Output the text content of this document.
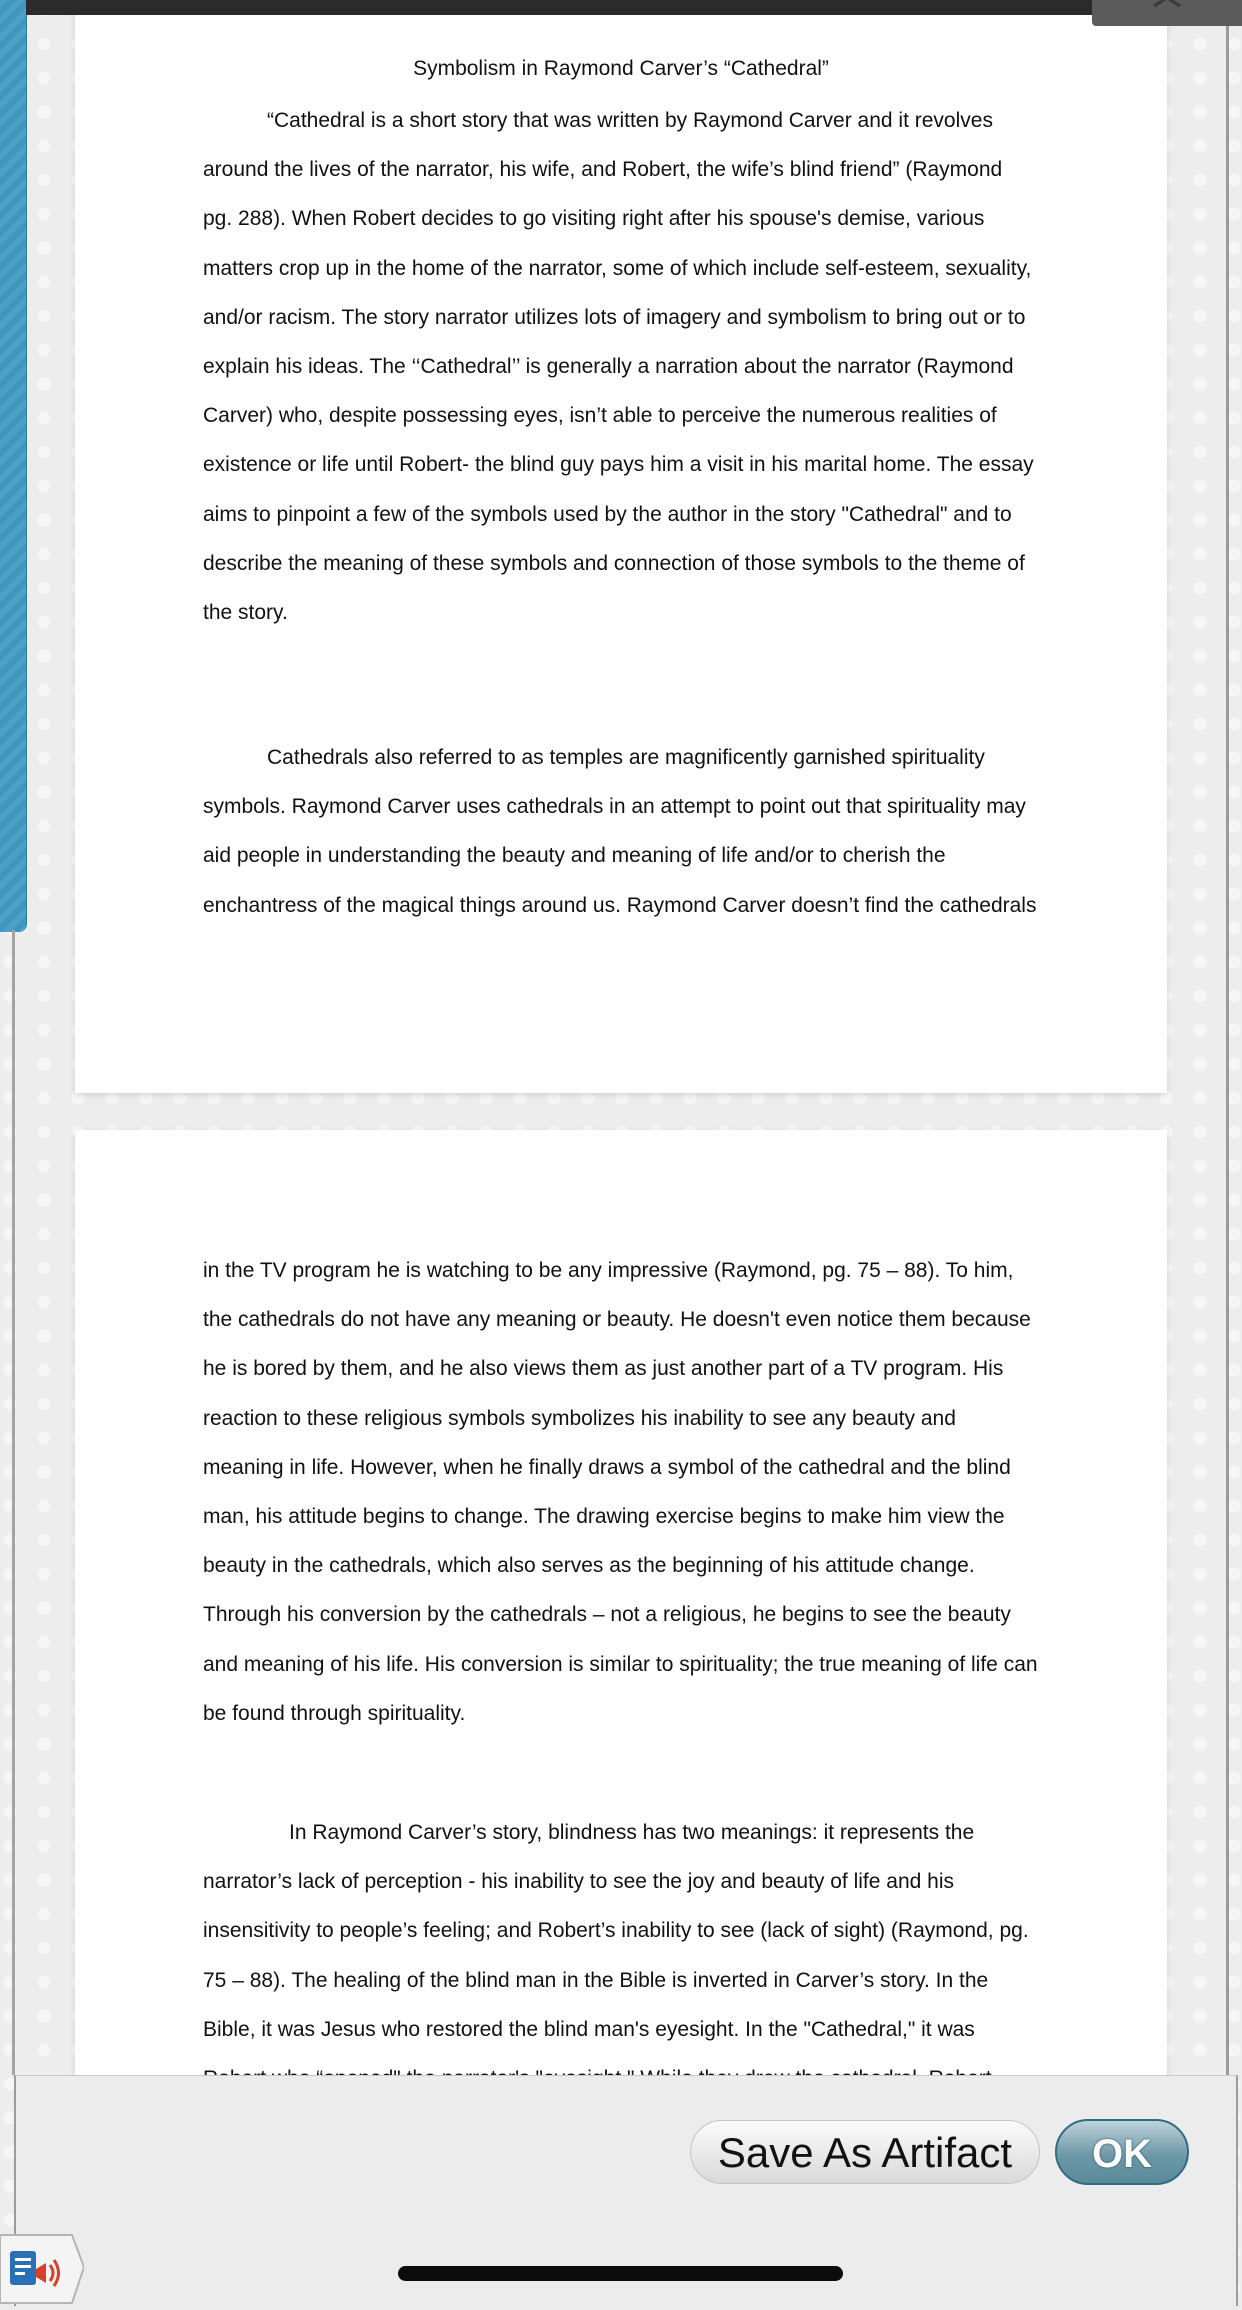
Symbolism in Raymond Carver’s “Cathedral”
“Cathedral is a short story that was written by Raymond Carver and it revolves
around the lives of the narrator, his wife, and Robert, the wife’s blind friend” (Raymond
pg. 288). When Robert decides to go visiting right after his spouse's demise, various
matters crop up in the home of the narrator, some of which include self-esteem, sexuality,
and/or racism. The story narrator utilizes lots of imagery and symbolism to bring out or to
explain his ideas. The ‘‘Cathedral’’ is generally a narration about the narrator (Raymond
Carver) who, despite possessing eyes, isn’t able to perceive the numerous realities of
existence or life until Robert- the blind guy pays him a visit in his marital home. The essay
aims to pinpoint a few of the symbols used by the author in the story "Cathedral" and to
describe the meaning of these symbols and connection of those symbols to the theme of
the story.
Cathedrals also referred to as temples are magnificently garnished spirituality
symbols. Raymond Carver uses cathedrals in an attempt to point out that spirituality may
aid people in understanding the beauty and meaning of life and/or to cherish the
enchantress of the magical things around us. Raymond Carver doesn’t find the cathedrals
in the TV program he is watching to be any impressive (Raymond, pg. 75 – 88). To him,
the cathedrals do not have any meaning or beauty. He doesn't even notice them because
he is bored by them, and he also views them as just another part of a TV program. His
reaction to these religious symbols symbolizes his inability to see any beauty and
meaning in life. However, when he finally draws a symbol of the cathedral and the blind
man, his attitude begins to change. The drawing exercise begins to make him view the
beauty in the cathedrals, which also serves as the beginning of his attitude change.
Through his conversion by the cathedrals – not a religious, he begins to see the beauty
and meaning of his life. His conversion is similar to spirituality; the true meaning of life can
be found through spirituality.
In Raymond Carver’s story, blindness has two meanings: it represents the
narrator’s lack of perception - his inability to see the joy and beauty of life and his
insensitivity to people’s feeling; and Robert’s inability to see (lack of sight) (Raymond, pg.
75 – 88). The healing of the blind man in the Bible is inverted in Carver’s story. In the
Bible, it was Jesus who restored the blind man's eyesight. In the "Cathedral," it was
Save As Artifact	OK
